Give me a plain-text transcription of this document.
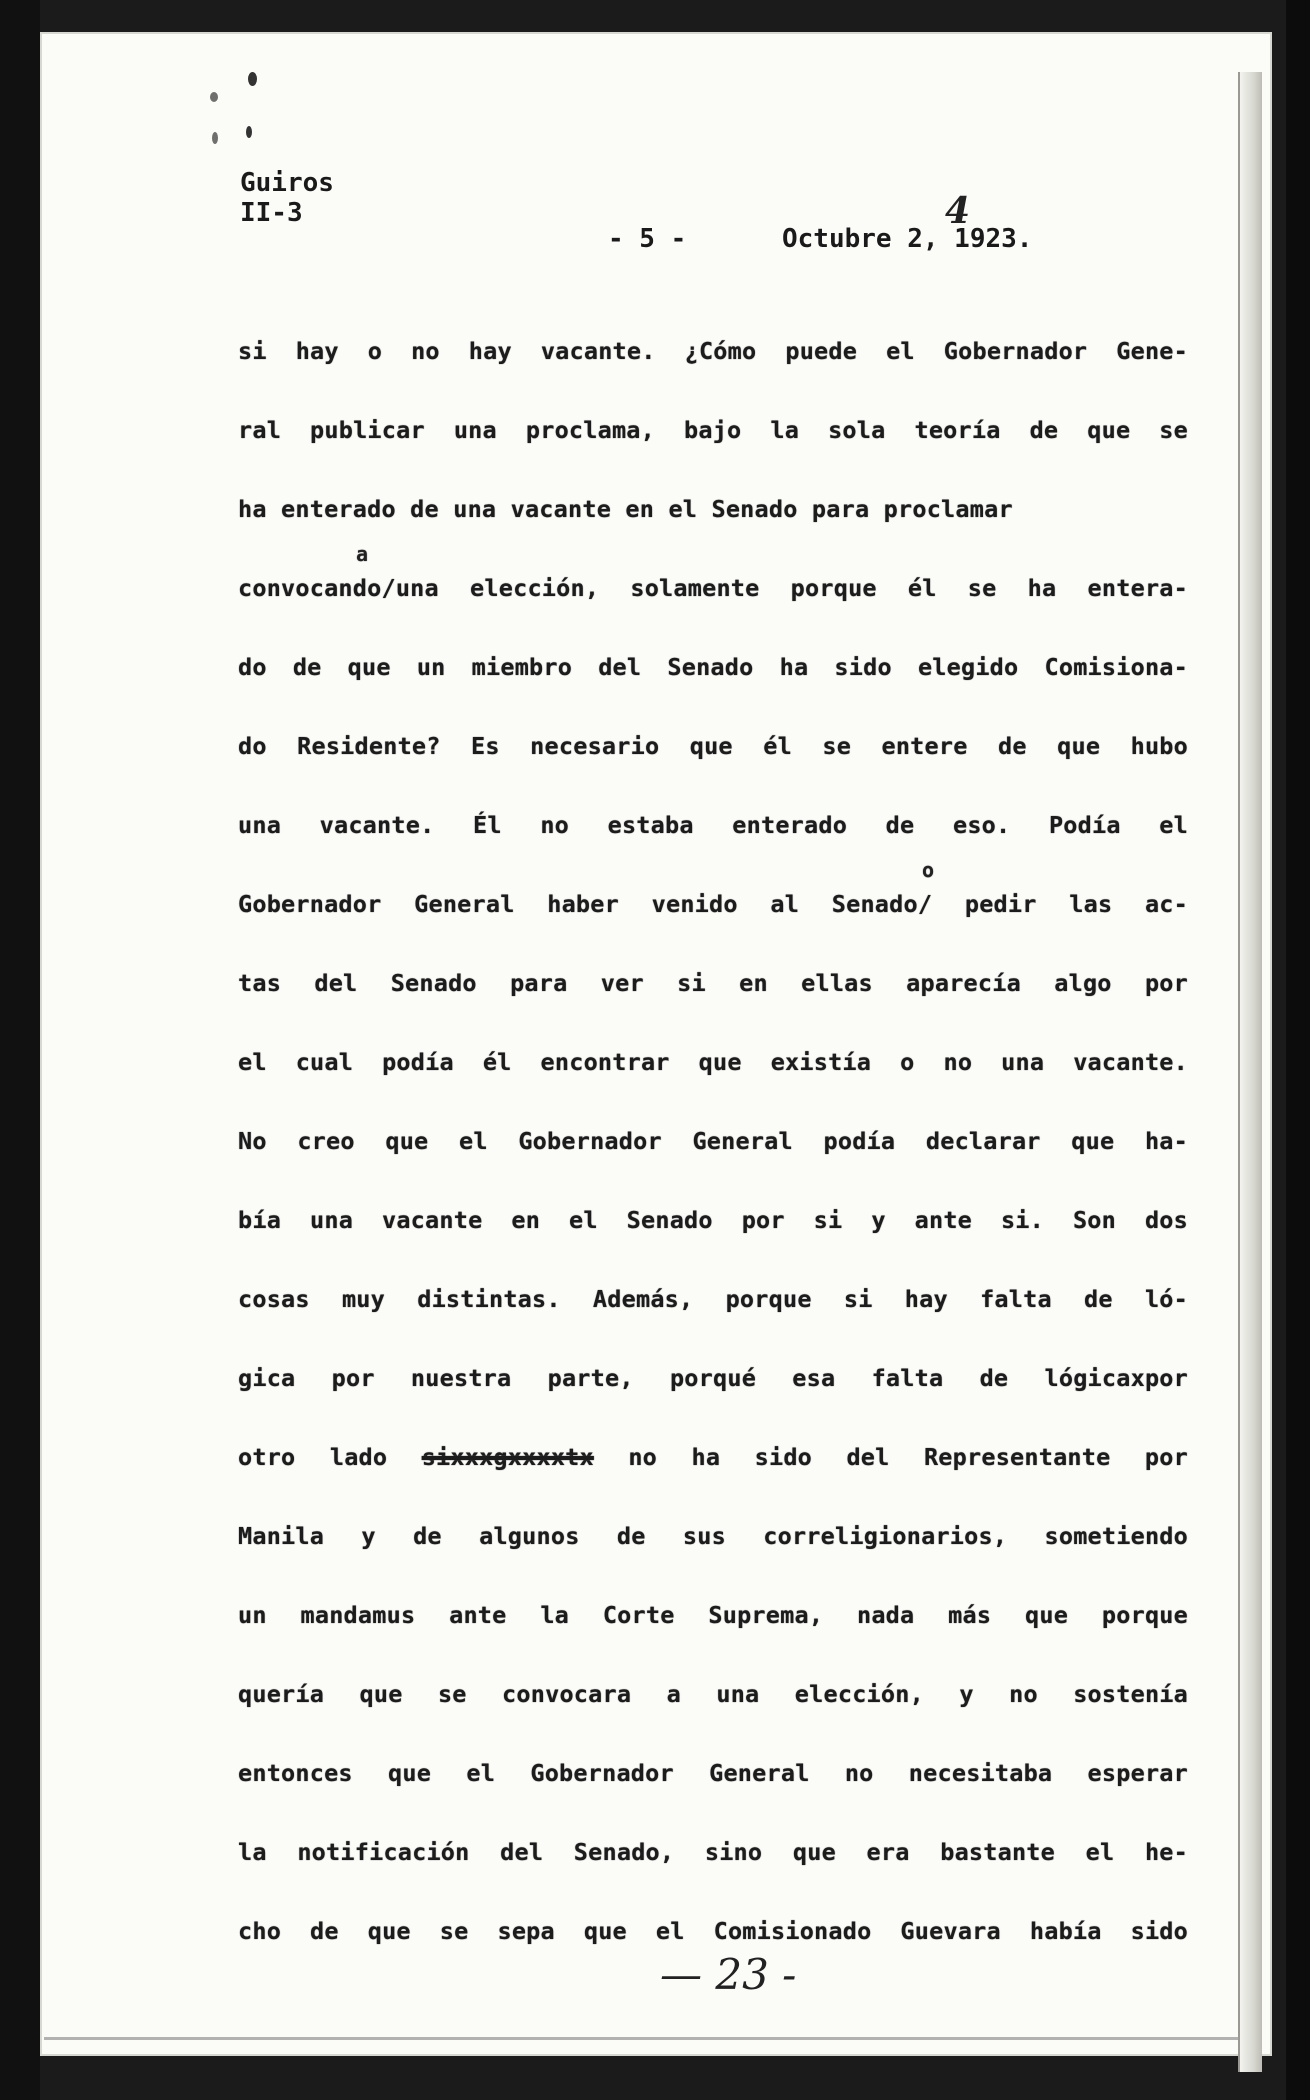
Guiros
II-3
- 5 -	Octubre 2, 1923.
4
si hay o no hay vacante. ¿Cómo puede el Gobernador Gene-
ral publicar una proclama, bajo la sola teoría de que se
ha enterado de una vacante en el Senado para proclamar
a
convocando/una elección, solamente porque él se ha entera-
do de que un miembro del Senado ha sido elegido Comisiona-
do Residente? Es necesario que él se entere de que hubo
una vacante. Él no estaba enterado de eso. Podía el
o
Gobernador General haber venido al Senado/ pedir las ac-
tas del Senado para ver si en ellas aparecía algo por
el cual podía él encontrar que existía o no una vacante.
No creo que el Gobernador General podía declarar que ha-
bía una vacante en el Senado por si y ante si. Son dos
cosas muy distintas. Además, porque si hay falta de ló-
gica por nuestra parte, porqué esa falta de lógicaxpor
otro lado sixxxgxxxxtx no ha sido del Representante por
Manila y de algunos de sus correligionarios, sometiendo
un mandamus ante la Corte Suprema, nada más que porque
quería que se convocara a una elección, y no sostenía
entonces que el Gobernador General no necesitaba esperar
la notificación del Senado, sino que era bastante el he-
cho de que se sepa que el Comisionado Guevara había sido
— 23 -
